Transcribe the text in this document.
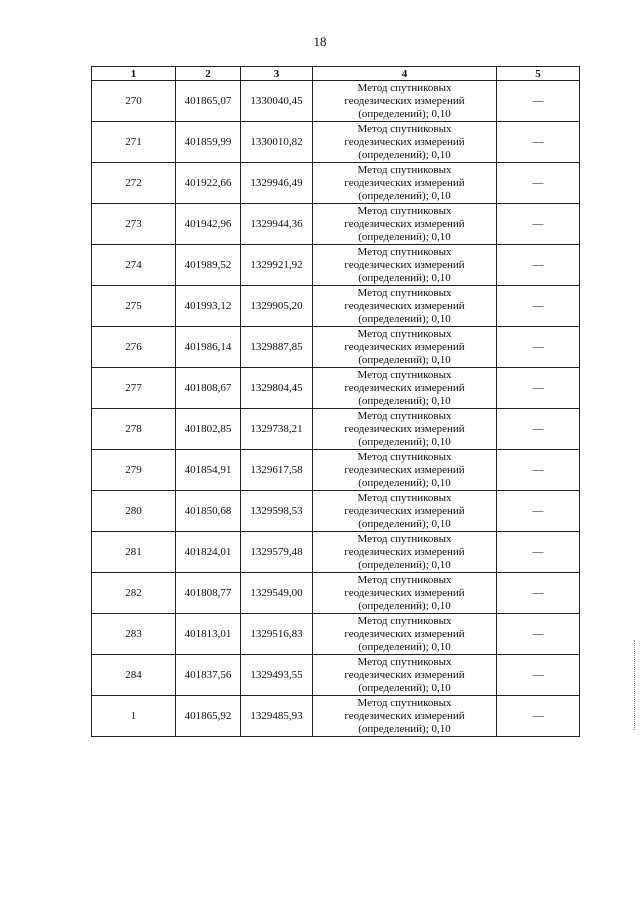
18
1	2	3	4	5
270	401865,07	1330040,45	Метод спутниковых
геодезических измерений
(определений); 0,10	—
271	401859,99	1330010,82	Метод спутниковых
геодезических измерений
(определений); 0,10	—
272	401922,66	1329946,49	Метод спутниковых
геодезических измерений
(определений); 0,10	—
273	401942,96	1329944,36	Метод спутниковых
геодезических измерений
(определений); 0,10	—
274	401989,52	1329921,92	Метод спутниковых
геодезических измерений
(определений); 0,10	—
275	401993,12	1329905,20	Метод спутниковых
геодезических измерений
(определений); 0,10	—
276	401986,14	1329887,85	Метод спутниковых
геодезических измерений
(определений); 0,10	—
277	401808,67	1329804,45	Метод спутниковых
геодезических измерений
(определений); 0,10	—
278	401802,85	1329738,21	Метод спутниковых
геодезических измерений
(определений); 0,10	—
279	401854,91	1329617,58	Метод спутниковых
геодезических измерений
(определений); 0,10	—
280	401850,68	1329598,53	Метод спутниковых
геодезических измерений
(определений); 0,10	—
281	401824,01	1329579,48	Метод спутниковых
геодезических измерений
(определений); 0,10	—
282	401808,77	1329549,00	Метод спутниковых
геодезических измерений
(определений); 0,10	—
283	401813,01	1329516,83	Метод спутниковых
геодезических измерений
(определений); 0,10	—
284	401837,56	1329493,55	Метод спутниковых
геодезических измерений
(определений); 0,10	—
1	401865,92	1329485,93	Метод спутниковых
геодезических измерений
(определений); 0,10	—
